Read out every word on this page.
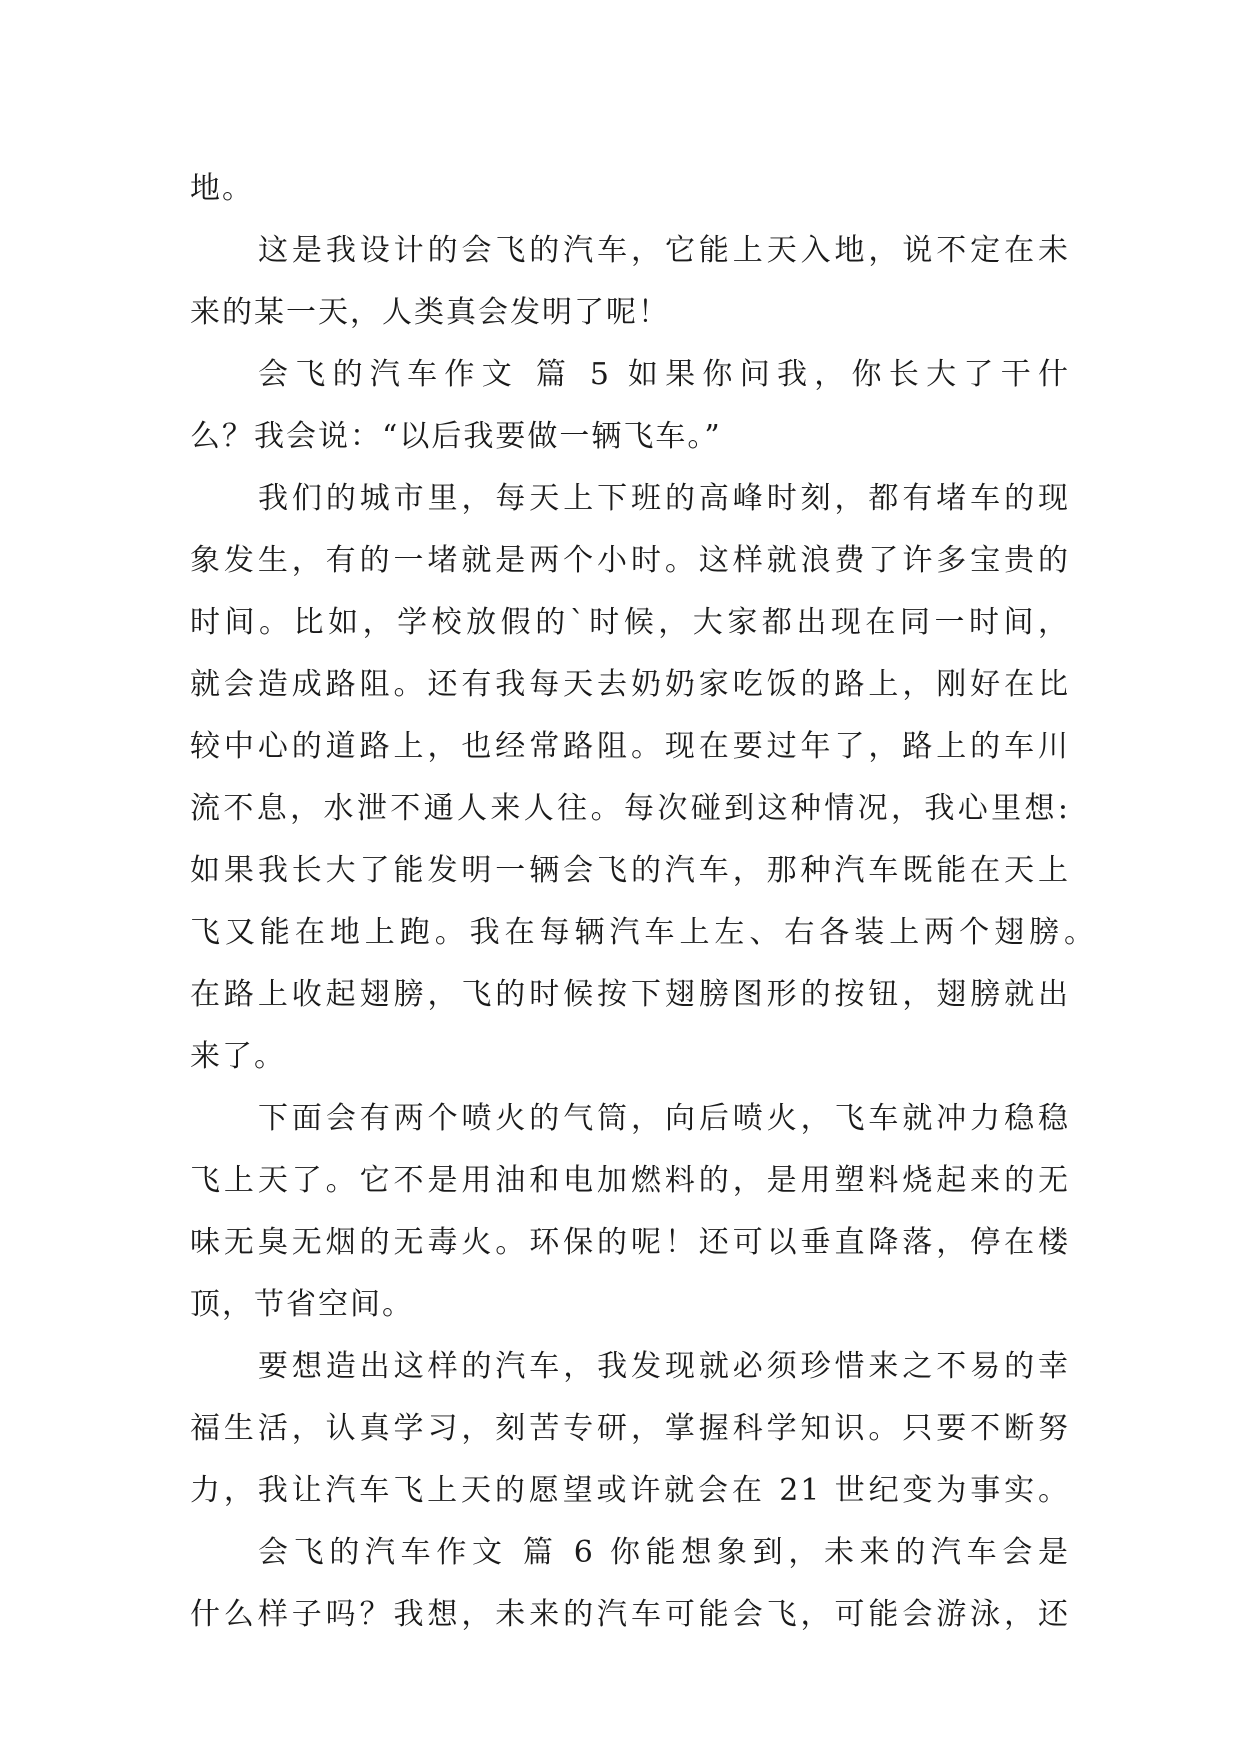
地。
这是我设计的会飞的汽车，它能上天入地，说不定在未
来的某一天，人类真会发明了呢！
会飞的汽车作文 篇 5 如果你问我，你长大了干什
么？我会说：“以后我要做一辆飞车。”
我们的城市里，每天上下班的高峰时刻，都有堵车的现
象发生，有的一堵就是两个小时。这样就浪费了许多宝贵的
时间。比如，学校放假的`时候，大家都出现在同一时间，
就会造成路阻。还有我每天去奶奶家吃饭的路上，刚好在比
较中心的道路上，也经常路阻。现在要过年了，路上的车川
流不息，水泄不通人来人往。每次碰到这种情况，我心里想:
如果我长大了能发明一辆会飞的汽车，那种汽车既能在天上
飞又能在地上跑。我在每辆汽车上左、右各装上两个翅膀。
在路上收起翅膀，飞的时候按下翅膀图形的按钮，翅膀就出
来了。
下面会有两个喷火的气筒，向后喷火，飞车就冲力稳稳
飞上天了。它不是用油和电加燃料的，是用塑料烧起来的无
味无臭无烟的无毒火。环保的呢！还可以垂直降落，停在楼
顶，节省空间。
要想造出这样的汽车，我发现就必须珍惜来之不易的幸
福生活，认真学习，刻苦专研，掌握科学知识。只要不断努
力，我让汽车飞上天的愿望或许就会在 21 世纪变为事实。
会飞的汽车作文 篇 6 你能想象到，未来的汽车会是
什么样子吗？我想，未来的汽车可能会飞，可能会游泳，还
